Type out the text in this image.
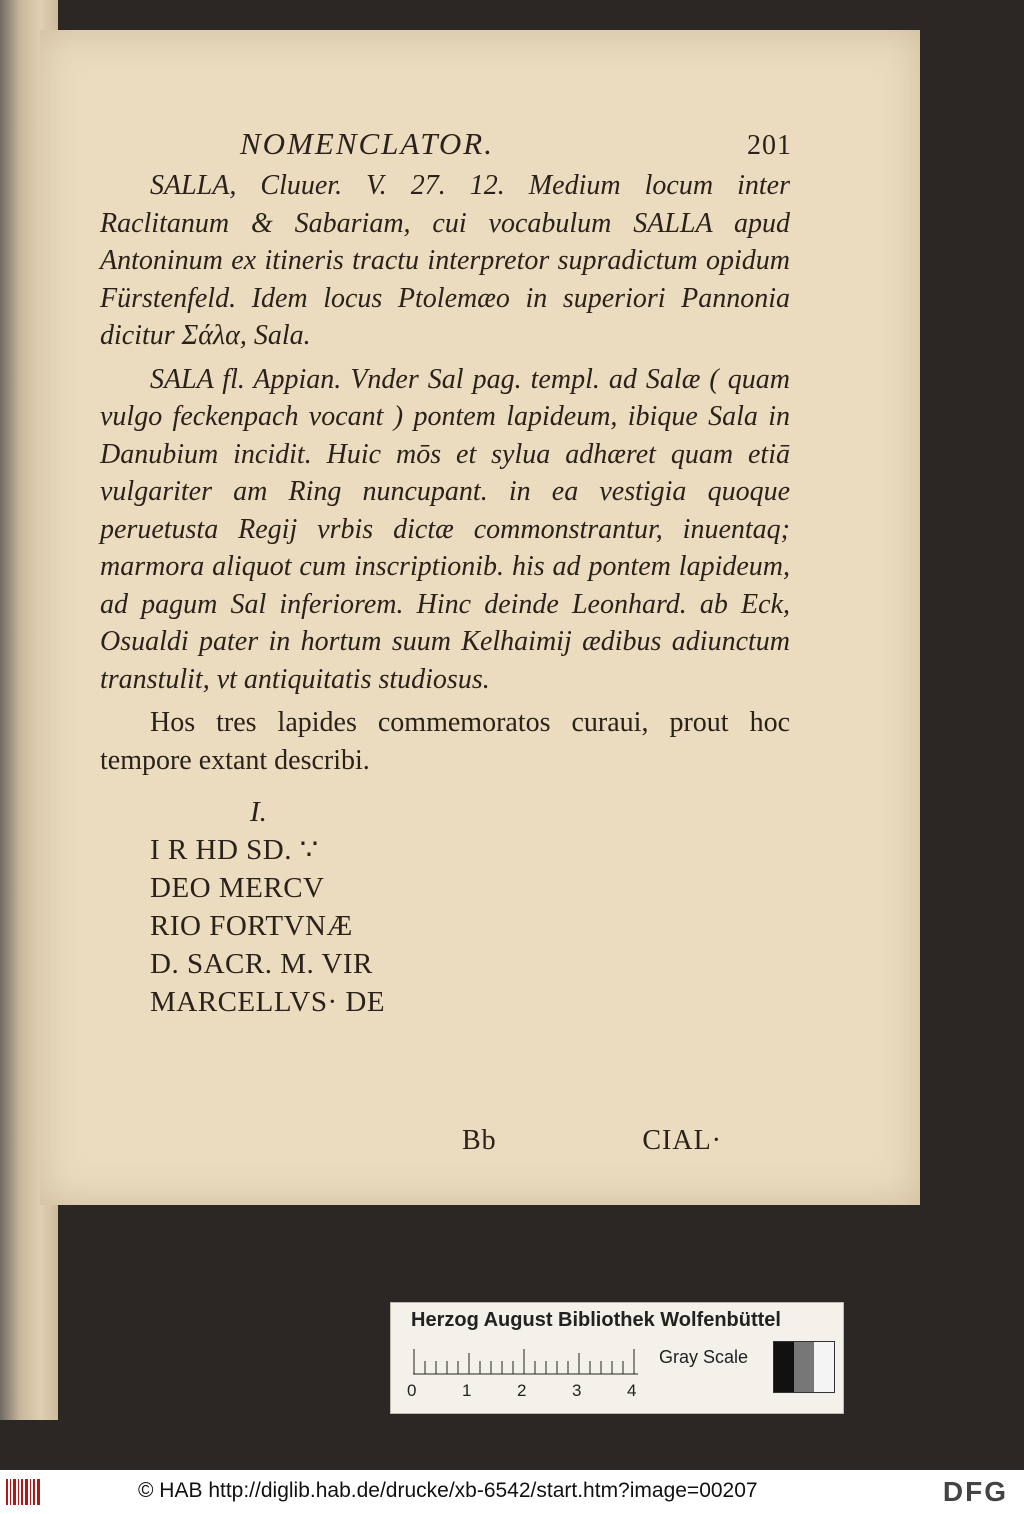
NOMENCLATOR.	201

SALLA, Cluuer. V. 27. 12. Medium locum inter Raclitanum & Sabariam, cui vocabulum SALLA apud Antoninum ex itineris tractu interpretor supradictum opidum Fürstenfeld. Idem locus Ptolemæo in superiori Pannonia dicitur Σάλα, Sala.

SALA fl. Appian. Vnder Sal pag. templ. ad Salæ ( quam vulgo feckenpach vocant ) pontem lapideum, ibique Sala in Danubium incidit. Huic mōs et sylua adhæret quam etiā vulgariter am Ring nuncupant. in ea vestigia quoque peruetusta Regij vrbis dictæ commonstrantur, inuentaq; marmora aliquot cum inscriptionib. his ad pontem lapideum, ad pagum Sal inferiorem. Hinc deinde Leonhard. ab Eck, Osualdi pater in hortum suum Kelhaimij ædibus adiunctum transtulit, vt antiquitatis studiosus.

Hos tres lapides commemoratos curaui, prout hoc tempore extant describi.

I.
I R HD SD. ∵
DEO MERCV
RIO FORTVNÆ
D. SACR. M. VIR
MARCELLVS· DE
Bb	CIAL·
Herzog August Bibliothek Wolfenbüttel
Gray Scale
0	1	2	3	4
© HAB http://diglib.hab.de/drucke/xb-6542/start.htm?image=00207	DFG
